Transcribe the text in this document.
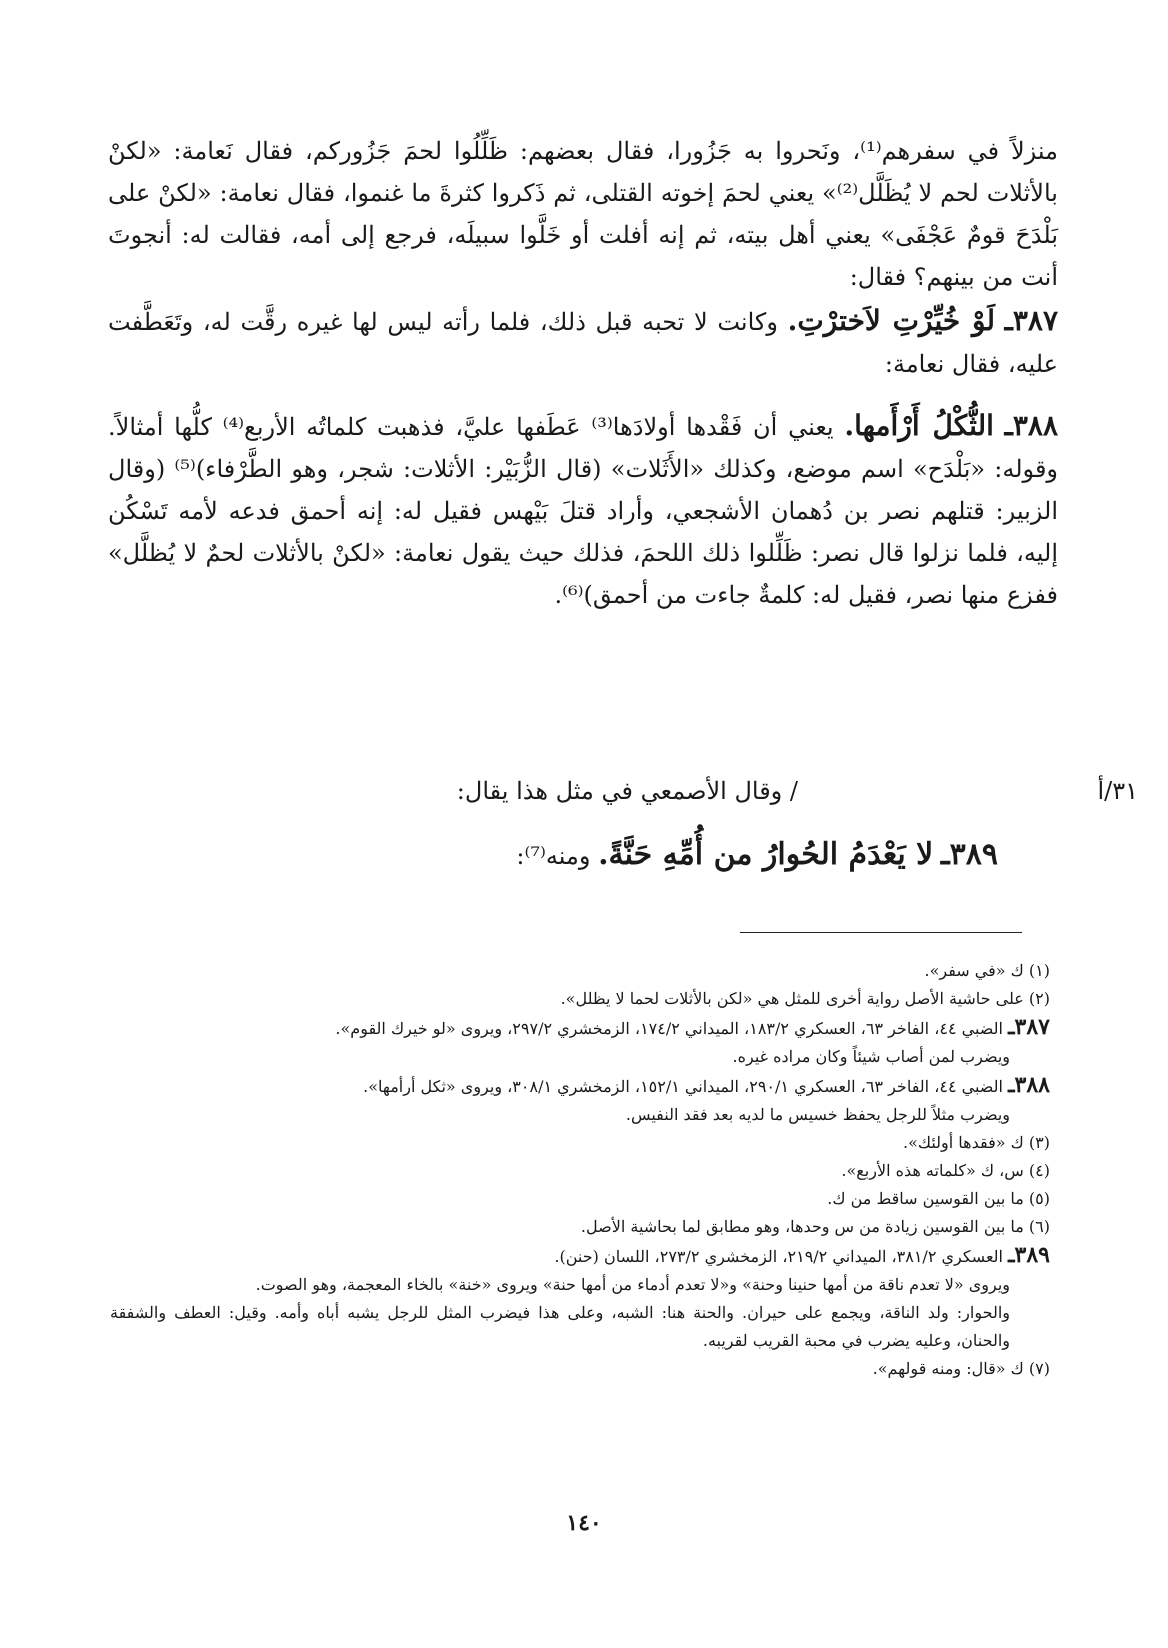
منزلاً في سفرهم⁽¹⁾، ونَحروا به جَزُورا، فقال بعضهم: ظَلِّلُوا لحمَ جَزُوركم، فقال نَعامة: «لكنْ بالأثلات لحم لا يُظَلَّل⁽²⁾» يعني لحمَ إخوته القتلى، ثم ذَكروا كثرةَ ما غنموا، فقال نعامة: «لكنْ على بَلْدَحَ قومٌ عَجْفَى» يعني أهل بيته، ثم إنه أفلت أو خَلَّوا سبيلَه، فرجع إلى أمه، فقالت له: أنجوتَ أنت من بينهم؟ فقال:

٣٨٧ـ لَوْ خُيِّرْتِ لاَخترْتِ. وكانت لا تحبه قبل ذلك، فلما رأته ليس لها غيره رقَّت له، وتَعَطَّفت عليه، فقال نعامة:

٣٨٨ـ الثُّكْلُ أَرْأَمها. يعني أن فَقْدها أولادَها⁽³⁾ عَطَفها عليَّ، فذهبت كلماتُه الأربع⁽⁴⁾ كلُّها أمثالاً. وقوله: «بَلْدَح» اسم موضع، وكذلك «الأَثَلات» (قال الزُّبَيْر: الأثلات: شجر، وهو الطَّرْفاء)⁽⁵⁾ (وقال الزبير: قتلهم نصر بن دُهمان الأشجعي، وأراد قتلَ بَيْهس فقيل له: إنه أحمق فدعه لأمه تَسْكُن إليه، فلما نزلوا قال نصر: ظَلِّلوا ذلك اللحمَ، فذلك حيث يقول نعامة: «لكنْ بالأثلات لحمٌ لا يُظلَّل» ففزع منها نصر، فقيل له: كلمةٌ جاءت من أحمق)⁽⁶⁾.

٣١/أ
/ وقال الأصمعي في مثل هذا يقال:
٣٨٩ـ لا يَعْدَمُ الحُوارُ من أُمِّهِ حَنَّةً. ومنه⁽⁷⁾:

(١) ك «في سفر».

(٢) على حاشية الأصل رواية أخرى للمثل هي «لكن بالأثلات لحما لا يظلل».

٣٨٧ـ الضبي ٤٤، الفاخر ٦٣، العسكري ١٨٣/٢، الميداني ١٧٤/٢، الزمخشري ٢٩٧/٢، ويروى «لو خيرك القوم».

ويضرب لمن أصاب شيئاً وكان مراده غيره.

٣٨٨ـ الضبي ٤٤، الفاخر ٦٣، العسكري ٢٩٠/١، الميداني ١٥٢/١، الزمخشري ٣٠٨/١، ويروى «ثكل أرأمها».

ويضرب مثلاً للرجل يحفظ خسيس ما لديه بعد فقد النفيس.

(٣) ك «فقدها أولئك».

(٤) س، ك «كلماته هذه الأربع».

(٥) ما بين القوسين ساقط من ك.

(٦) ما بين القوسين زيادة من س وحدها، وهو مطابق لما بحاشية الأصل.

٣٨٩ـ العسكري ٣٨١/٢، الميداني ٢١٩/٢، الزمخشري ٢٧٣/٢، اللسان (حنن).

ويروى «لا تعدم ناقة من أمها حنينا وحنة» و«لا تعدم أدماء من أمها حنة» ويروى «خنة» بالخاء المعجمة، وهو الصوت.

والحوار: ولد الناقة، ويجمع على حيران. والحنة هنا: الشبه، وعلى هذا فيضرب المثل للرجل يشبه أباه وأمه. وقيل: العطف والشفقة والحنان، وعليه يضرب في محبة القريب لقريبه.

(٧) ك «قال: ومنه قولهم».

١٤٠
